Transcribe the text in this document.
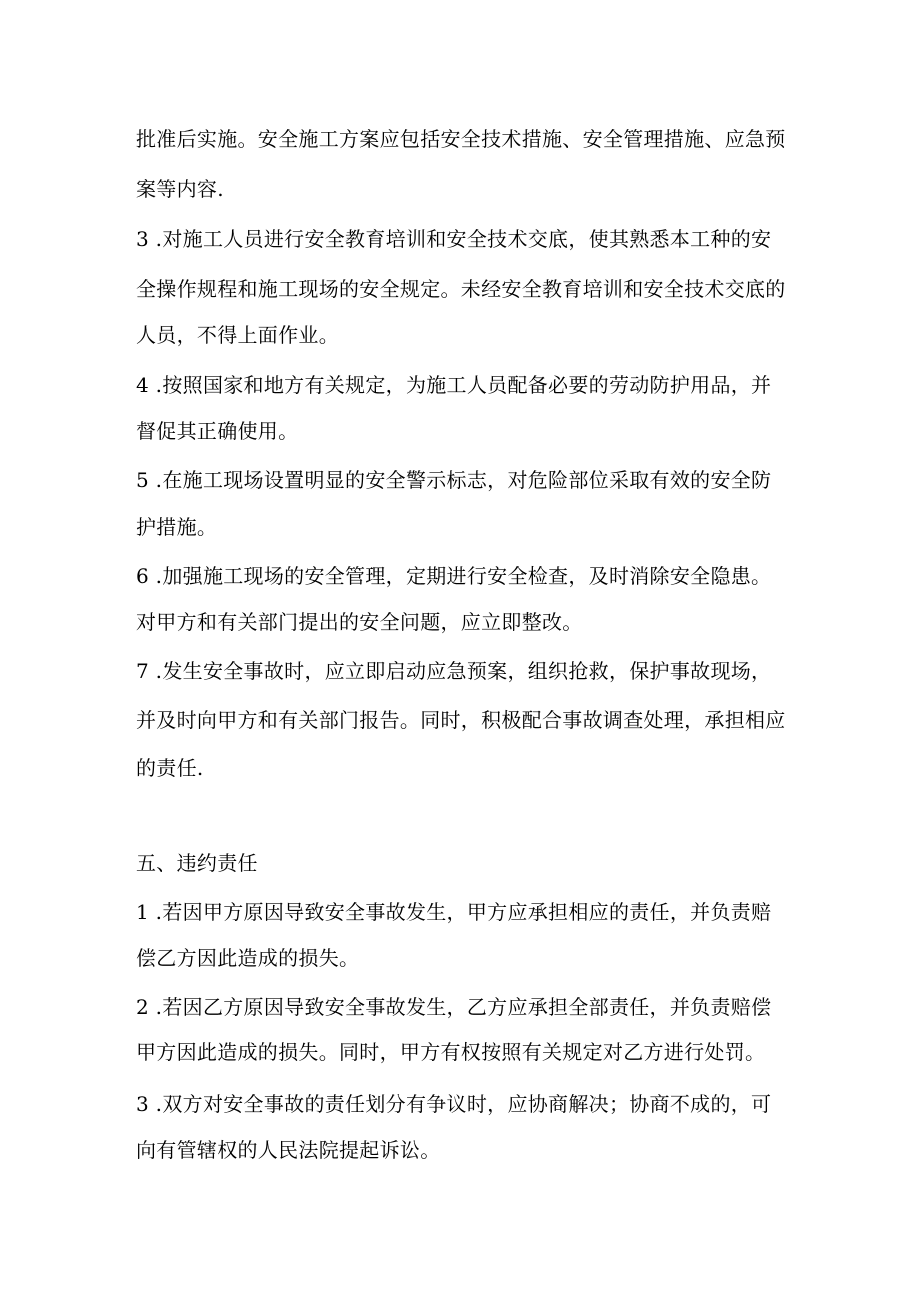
批准后实施。安全施工方案应包括安全技术措施、安全管理措施、应急预
案等内容.
3 .对施工人员进行安全教育培训和安全技术交底，使其熟悉本工种的安
全操作规程和施工现场的安全规定。未经安全教育培训和安全技术交底的
人员，不得上面作业。
4 .按照国家和地方有关规定，为施工人员配备必要的劳动防护用品，并
督促其正确使用。
5 .在施工现场设置明显的安全警示标志，对危险部位采取有效的安全防
护措施。
6 .加强施工现场的安全管理，定期进行安全检查，及时消除安全隐患。
对甲方和有关部门提出的安全问题，应立即整改。
7 .发生安全事故时，应立即启动应急预案，组织抢救，保护事故现场，
并及时向甲方和有关部门报告。同时，积极配合事故调查处理，承担相应
的责任.
五、违约责任
1 .若因甲方原因导致安全事故发生，甲方应承担相应的责任，并负责赔
偿乙方因此造成的损失。
2 .若因乙方原因导致安全事故发生，乙方应承担全部责任，并负责赔偿
甲方因此造成的损失。同时，甲方有权按照有关规定对乙方进行处罚。
3 .双方对安全事故的责任划分有争议时，应协商解决；协商不成的，可
向有管辖权的人民法院提起诉讼。
